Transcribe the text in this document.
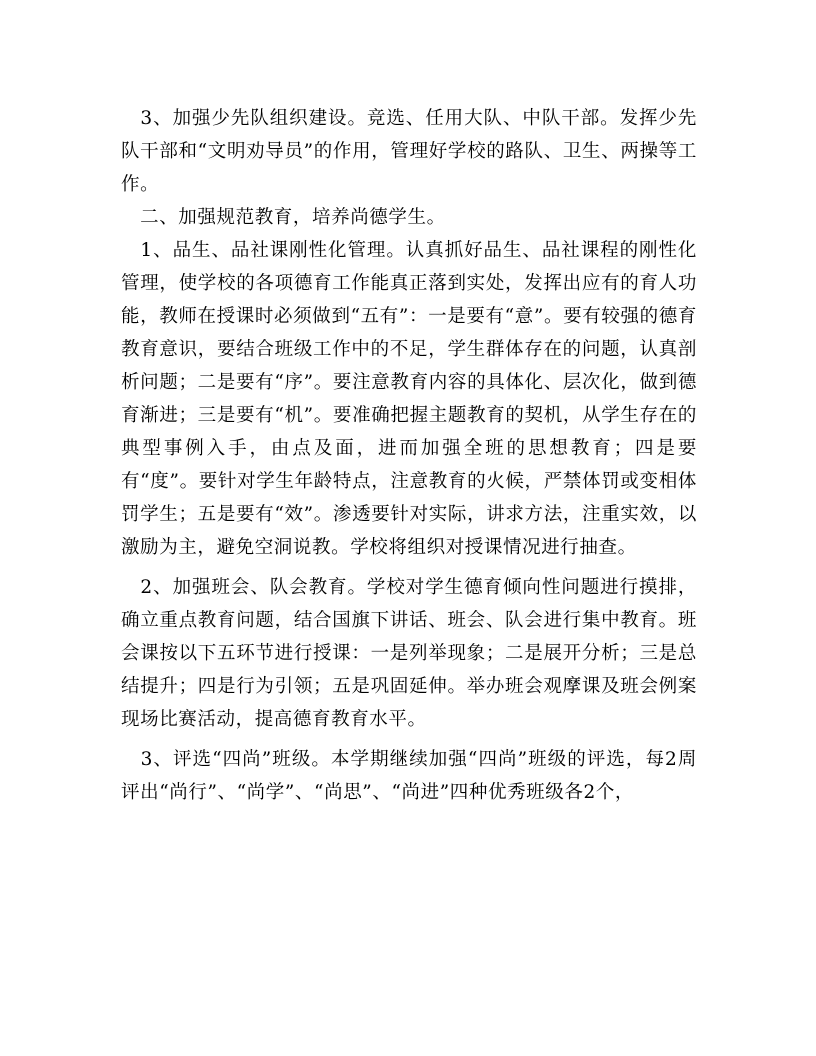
　3、加强少先队组织建设。竞选、任用大队、中队干部。发挥少先队干部和“文明劝导员”的作用，管理好学校的路队、卫生、两操等工作。

　二、加强规范教育，培养尚德学生。

　1、品生、品社课刚性化管理。认真抓好品生、品社课程的刚性化管理，使学校的各项德育工作能真正落到实处，发挥出应有的育人功能，教师在授课时必须做到“五有”：一是要有“意”。要有较强的德育教育意识，要结合班级工作中的不足，学生群体存在的问题，认真剖析问题；二是要有“序”。要注意教育内容的具体化、层次化，做到德育渐进；三是要有“机”。要准确把握主题教育的契机，从学生存在的典型事例入手，由点及面，进而加强全班的思想教育；四是要有“度”。要针对学生年龄特点，注意教育的火候，严禁体罚或变相体罚学生；五是要有“效”。渗透要针对实际，讲求方法，注重实效，以激励为主，避免空洞说教。学校将组织对授课情况进行抽查。

　2、加强班会、队会教育。学校对学生德育倾向性问题进行摸排，确立重点教育问题，结合国旗下讲话、班会、队会进行集中教育。班会课按以下五环节进行授课：一是列举现象；二是展开分析；三是总结提升；四是行为引领；五是巩固延伸。举办班会观摩课及班会例案现场比赛活动，提高德育教育水平。

　3、评选“四尚”班级。本学期继续加强“四尚”班级的评选，每2周评出“尚行”、“尚学”、“尚思”、“尚进”四种优秀班级各2个，
